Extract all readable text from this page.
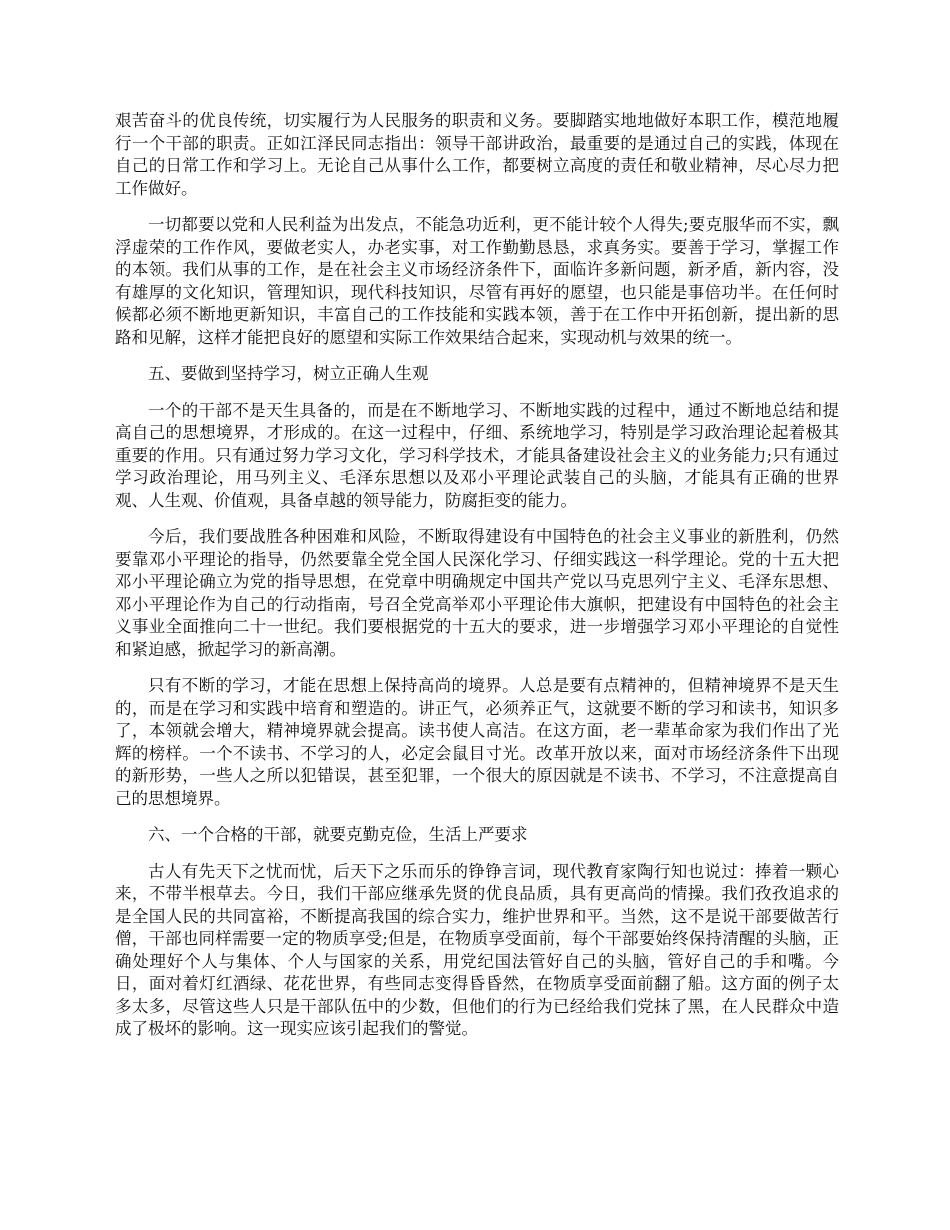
艰苦奋斗的优良传统，切实履行为人民服务的职责和义务。要脚踏实地地做好本职工作，模范地履行一个干部的职责。正如江泽民同志指出：领导干部讲政治，最重要的是通过自己的实践，体现在自己的日常工作和学习上。无论自己从事什么工作，都要树立高度的责任和敬业精神，尽心尽力把工作做好。

一切都要以党和人民利益为出发点，不能急功近利，更不能计较个人得失;要克服华而不实，飘浮虚荣的工作作风，要做老实人，办老实事，对工作勤勤恳恳，求真务实。要善于学习，掌握工作的本领。我们从事的工作，是在社会主义市场经济条件下，面临许多新问题，新矛盾，新内容，没有雄厚的文化知识，管理知识，现代科技知识，尽管有再好的愿望，也只能是事倍功半。在任何时候都必须不断地更新知识，丰富自己的工作技能和实践本领，善于在工作中开拓创新，提出新的思路和见解，这样才能把良好的愿望和实际工作效果结合起来，实现动机与效果的统一。

五、要做到坚持学习，树立正确人生观

一个的干部不是天生具备的，而是在不断地学习、不断地实践的过程中，通过不断地总结和提高自己的思想境界，才形成的。在这一过程中，仔细、系统地学习，特别是学习政治理论起着极其重要的作用。只有通过努力学习文化，学习科学技术，才能具备建设社会主义的业务能力;只有通过学习政治理论，用马列主义、毛泽东思想以及邓小平理论武装自己的头脑，才能具有正确的世界观、人生观、价值观，具备卓越的领导能力，防腐拒变的能力。

今后，我们要战胜各种困难和风险，不断取得建设有中国特色的社会主义事业的新胜利，仍然要靠邓小平理论的指导，仍然要靠全党全国人民深化学习、仔细实践这一科学理论。党的十五大把邓小平理论确立为党的指导思想，在党章中明确规定中国共产党以马克思列宁主义、毛泽东思想、邓小平理论作为自己的行动指南，号召全党高举邓小平理论伟大旗帜，把建设有中国特色的社会主义事业全面推向二十一世纪。我们要根据党的十五大的要求，进一步增强学习邓小平理论的自觉性和紧迫感，掀起学习的新高潮。

只有不断的学习，才能在思想上保持高尚的境界。人总是要有点精神的，但精神境界不是天生的，而是在学习和实践中培育和塑造的。讲正气，必须养正气，这就要不断的学习和读书，知识多了，本领就会增大，精神境界就会提高。读书使人高洁。在这方面，老一辈革命家为我们作出了光辉的榜样。一个不读书、不学习的人，必定会鼠目寸光。改革开放以来，面对市场经济条件下出现的新形势，一些人之所以犯错误，甚至犯罪，一个很大的原因就是不读书、不学习，不注意提高自己的思想境界。

六、一个合格的干部，就要克勤克俭，生活上严要求

古人有先天下之忧而忧，后天下之乐而乐的铮铮言词，现代教育家陶行知也说过：捧着一颗心来，不带半根草去。今日，我们干部应继承先贤的优良品质，具有更高尚的情操。我们孜孜追求的是全国人民的共同富裕，不断提高我国的综合实力，维护世界和平。当然，这不是说干部要做苦行僧，干部也同样需要一定的物质享受;但是，在物质享受面前，每个干部要始终保持清醒的头脑，正确处理好个人与集体、个人与国家的关系，用党纪国法管好自己的头脑，管好自己的手和嘴。今日，面对着灯红酒绿、花花世界，有些同志变得昏昏然，在物质享受面前翻了船。这方面的例子太多太多，尽管这些人只是干部队伍中的少数，但他们的行为已经给我们党抹了黑，在人民群众中造成了极坏的影响。这一现实应该引起我们的警觉。
